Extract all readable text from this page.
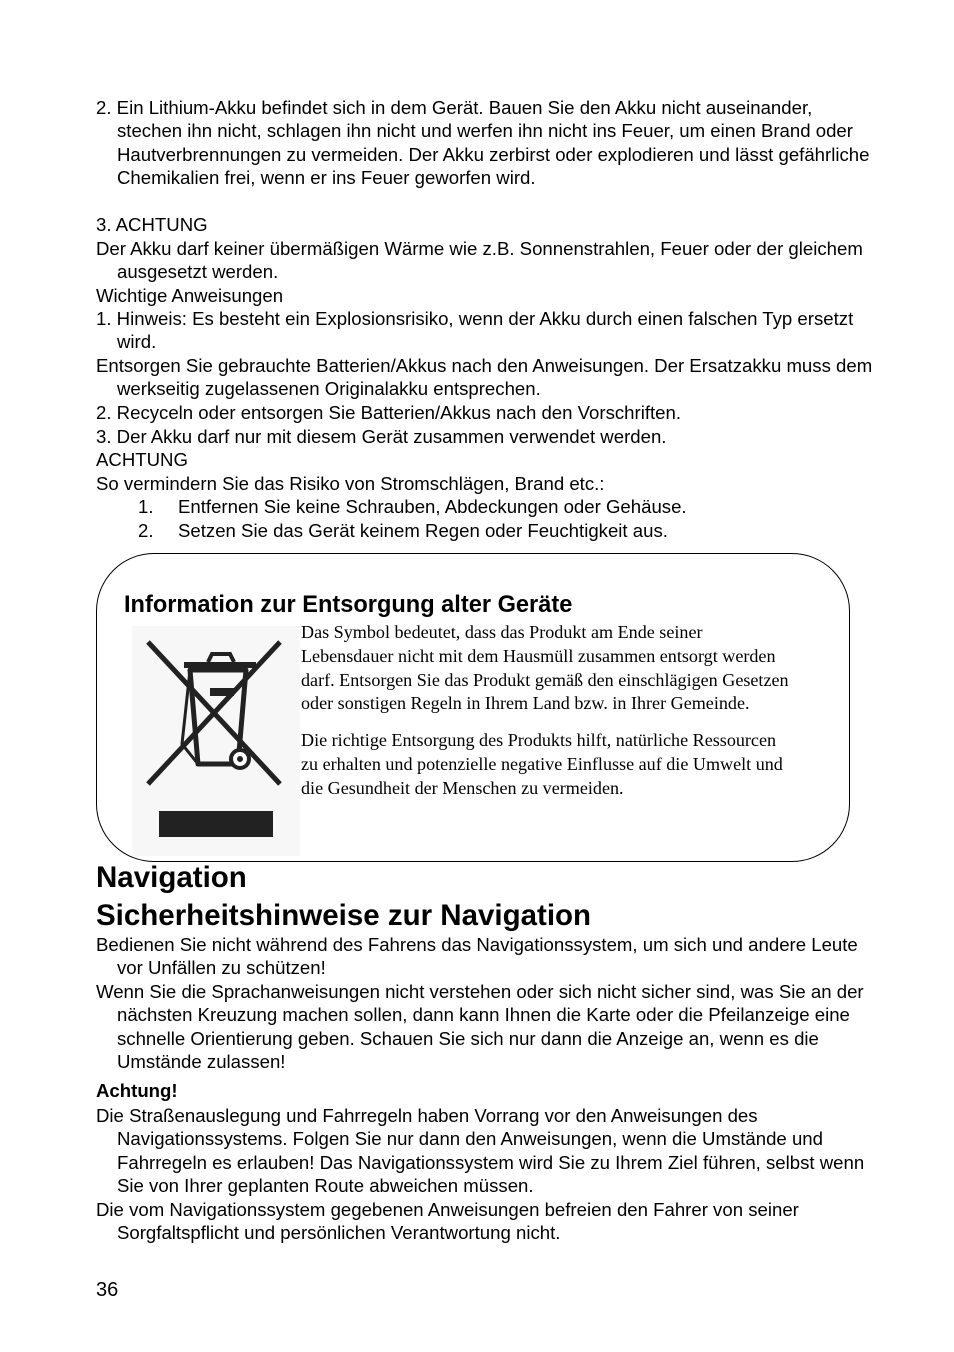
2. Ein Lithium-Akku befindet sich in dem Gerät. Bauen Sie den Akku nicht auseinander, stechen ihn nicht, schlagen ihn nicht und werfen ihn nicht ins Feuer, um einen Brand oder Hautverbrennungen zu vermeiden. Der Akku zerbirst oder explodieren und lässt gefährliche Chemikalien frei, wenn er ins Feuer geworfen wird.
3. ACHTUNG
Der Akku darf keiner übermäßigen Wärme wie z.B. Sonnenstrahlen, Feuer oder der gleichem ausgesetzt werden.
Wichtige Anweisungen
1. Hinweis: Es besteht ein Explosionsrisiko, wenn der Akku durch einen falschen Typ ersetzt wird.
Entsorgen Sie gebrauchte Batterien/Akkus nach den Anweisungen. Der Ersatzakku muss dem werkseitig zugelassenen Originalakku entsprechen.
2. Recyceln oder entsorgen Sie Batterien/Akkus nach den Vorschriften.
3. Der Akku darf nur mit diesem Gerät zusammen verwendet werden.
ACHTUNG
So vermindern Sie das Risiko von Stromschlägen, Brand etc.:
1. Entfernen Sie keine Schrauben, Abdeckungen oder Gehäuse.
2. Setzen Sie das Gerät keinem Regen oder Feuchtigkeit aus.
Information zur Entsorgung alter Geräte
Das Symbol bedeutet, dass das Produkt am Ende seiner
Lebensdauer nicht mit dem Hausmüll zusammen entsorgt werden
darf. Entsorgen Sie das Produkt gemäß den einschlägigen Gesetzen
oder sonstigen Regeln in Ihrem Land bzw. in Ihrer Gemeinde.
Die richtige Entsorgung des Produkts hilft, natürliche Ressourcen
zu erhalten und potenzielle negative Einflusse auf die Umwelt und
die Gesundheit der Menschen zu vermeiden.
Navigation
Sicherheitshinweise zur Navigation
Bedienen Sie nicht während des Fahrens das Navigationssystem, um sich und andere Leute vor Unfällen zu schützen!
Wenn Sie die Sprachanweisungen nicht verstehen oder sich nicht sicher sind, was Sie an der nächsten Kreuzung machen sollen, dann kann Ihnen die Karte oder die Pfeilanzeige eine schnelle Orientierung geben. Schauen Sie sich nur dann die Anzeige an, wenn es die Umstände zulassen!
Achtung!
Die Straßenauslegung und Fahrregeln haben Vorrang vor den Anweisungen des Navigationssystems. Folgen Sie nur dann den Anweisungen, wenn die Umstände und Fahrregeln es erlauben! Das Navigationssystem wird Sie zu Ihrem Ziel führen, selbst wenn Sie von Ihrer geplanten Route abweichen müssen.
Die vom Navigationssystem gegebenen Anweisungen befreien den Fahrer von seiner Sorgfaltspflicht und persönlichen Verantwortung nicht.
36
